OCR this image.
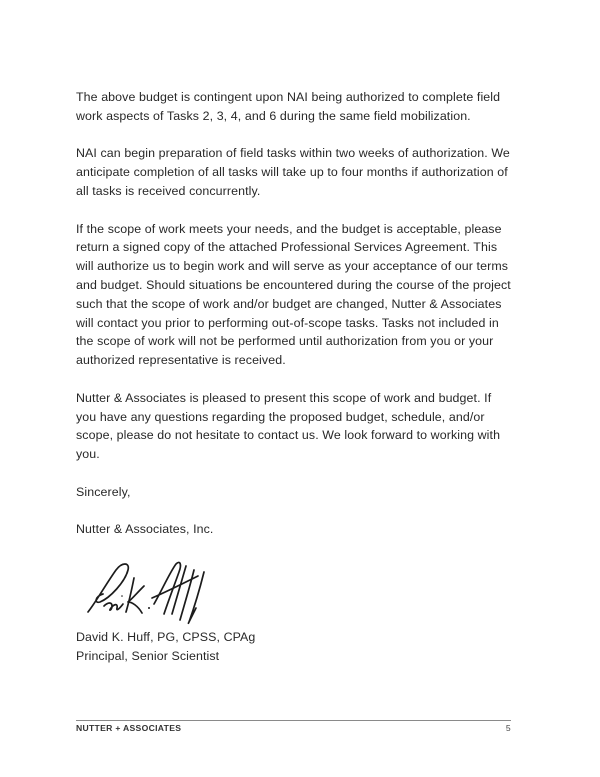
The above budget is contingent upon NAI being authorized to complete field work aspects of Tasks 2, 3, 4, and 6 during the same field mobilization.

NAI can begin preparation of field tasks within two weeks of authorization. We anticipate completion of all tasks will take up to four months if authorization of all tasks is received concurrently.

If the scope of work meets your needs, and the budget is acceptable, please return a signed copy of the attached Professional Services Agreement. This will authorize us to begin work and will serve as your acceptance of our terms and budget. Should situations be encountered during the course of the project such that the scope of work and/or budget are changed, Nutter & Associates will contact you prior to performing out-of-scope tasks. Tasks not included in the scope of work will not be performed until authorization from you or your authorized representative is received.

Nutter & Associates is pleased to present this scope of work and budget. If you have any questions regarding the proposed budget, schedule, and/or scope, please do not hesitate to contact us. We look forward to working with you.

Sincerely,

Nutter & Associates, Inc.

David K. Huff, PG, CPSS, CPAg

Principal, Senior Scientist

NUTTER + ASSOCIATES	5
